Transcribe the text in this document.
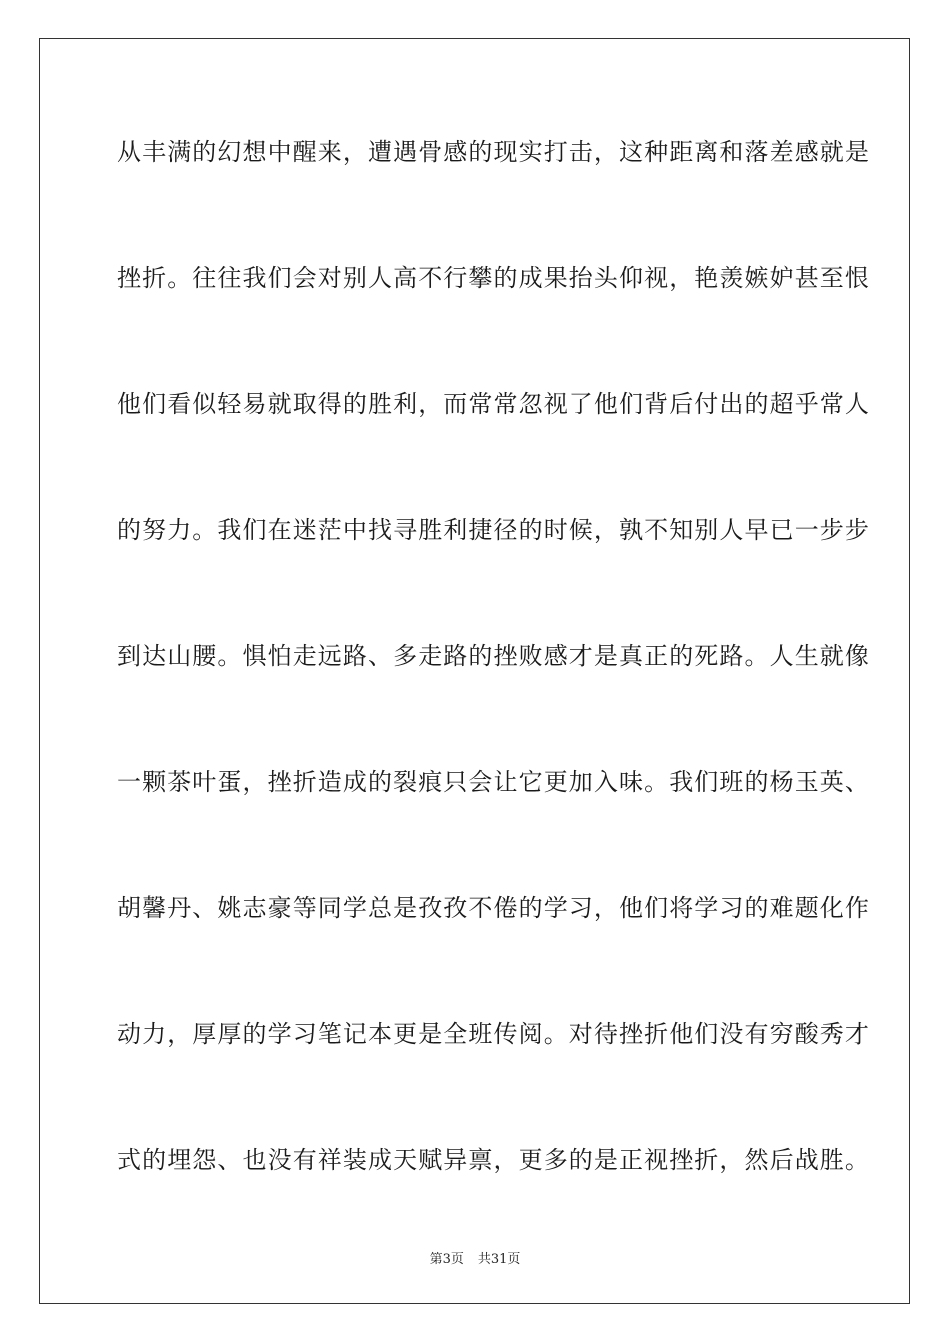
从丰满的幻想中醒来，遭遇骨感的现实打击，这种距离和落差感就是
挫折。往往我们会对别人高不行攀的成果抬头仰视，艳羡嫉妒甚至恨
他们看似轻易就取得的胜利，而常常忽视了他们背后付出的超乎常人
的努力。我们在迷茫中找寻胜利捷径的时候，孰不知别人早已一步步
到达山腰。惧怕走远路、多走路的挫败感才是真正的死路。人生就像
一颗茶叶蛋，挫折造成的裂痕只会让它更加入味。我们班的杨玉英、
胡馨丹、姚志豪等同学总是孜孜不倦的学习，他们将学习的难题化作
动力，厚厚的学习笔记本更是全班传阅。对待挫折他们没有穷酸秀才
式的埋怨、也没有祥装成天赋异禀，更多的是正视挫折，然后战胜。
第3页 共31页
